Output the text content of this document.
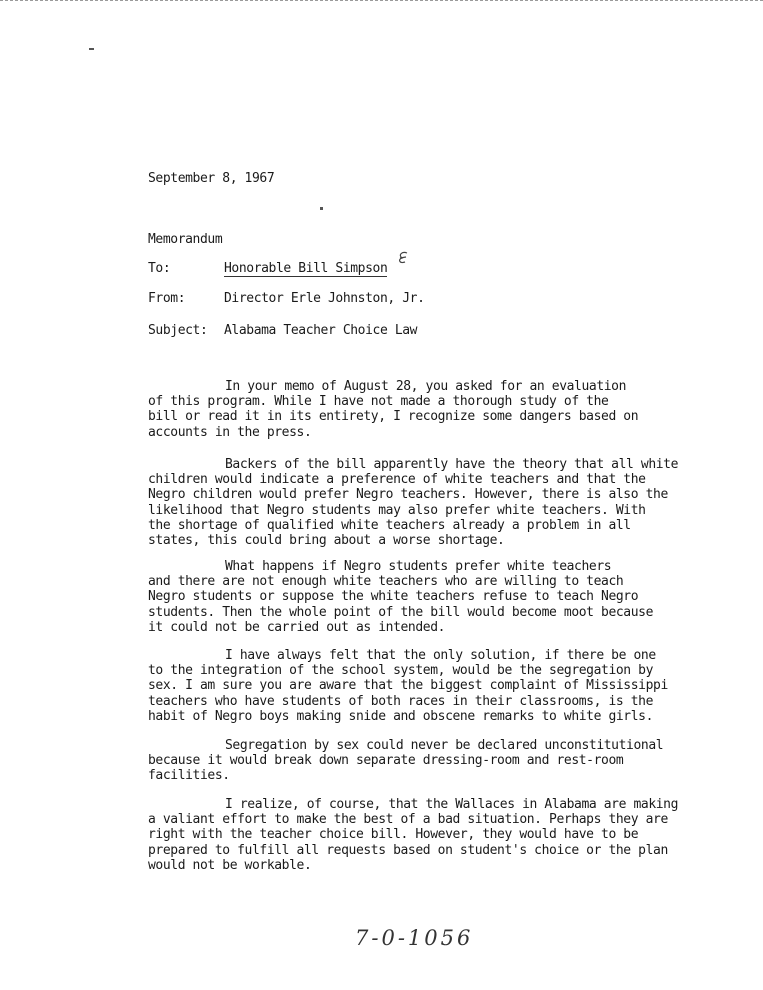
September 8, 1967
Memorandum
To:	Honorable Bill Simpson
From:	Director Erle Johnston, Jr.
Subject: Alabama Teacher Choice Law
In your memo of August 28, you asked for an evaluation
of this program. While I have not made a thorough study of the
bill or read it in its entirety, I recognize some dangers based on
accounts in the press.
Backers of the bill apparently have the theory that all white
children would indicate a preference of white teachers and that the
Negro children would prefer Negro teachers. However, there is also the
likelihood that Negro students may also prefer white teachers. With
the shortage of qualified white teachers already a problem in all
states, this could bring about a worse shortage.
What happens if Negro students prefer white teachers
and there are not enough white teachers who are willing to teach
Negro students or suppose the white teachers refuse to teach Negro
students. Then the whole point of the bill would become moot because
it could not be carried out as intended.
I have always felt that the only solution, if there be one
to the integration of the school system, would be the segregation by
sex. I am sure you are aware that the biggest complaint of Mississippi
teachers who have students of both races in their classrooms, is the
habit of Negro boys making snide and obscene remarks to white girls.
Segregation by sex could never be declared unconstitutional
because it would break down separate dressing-room and rest-room
facilities.
I realize, of course, that the Wallaces in Alabama are making
a valiant effort to make the best of a bad situation. Perhaps they are
right with the teacher choice bill. However, they would have to be
prepared to fulfill all requests based on student's choice or the plan
would not be workable.
7-0-1056
